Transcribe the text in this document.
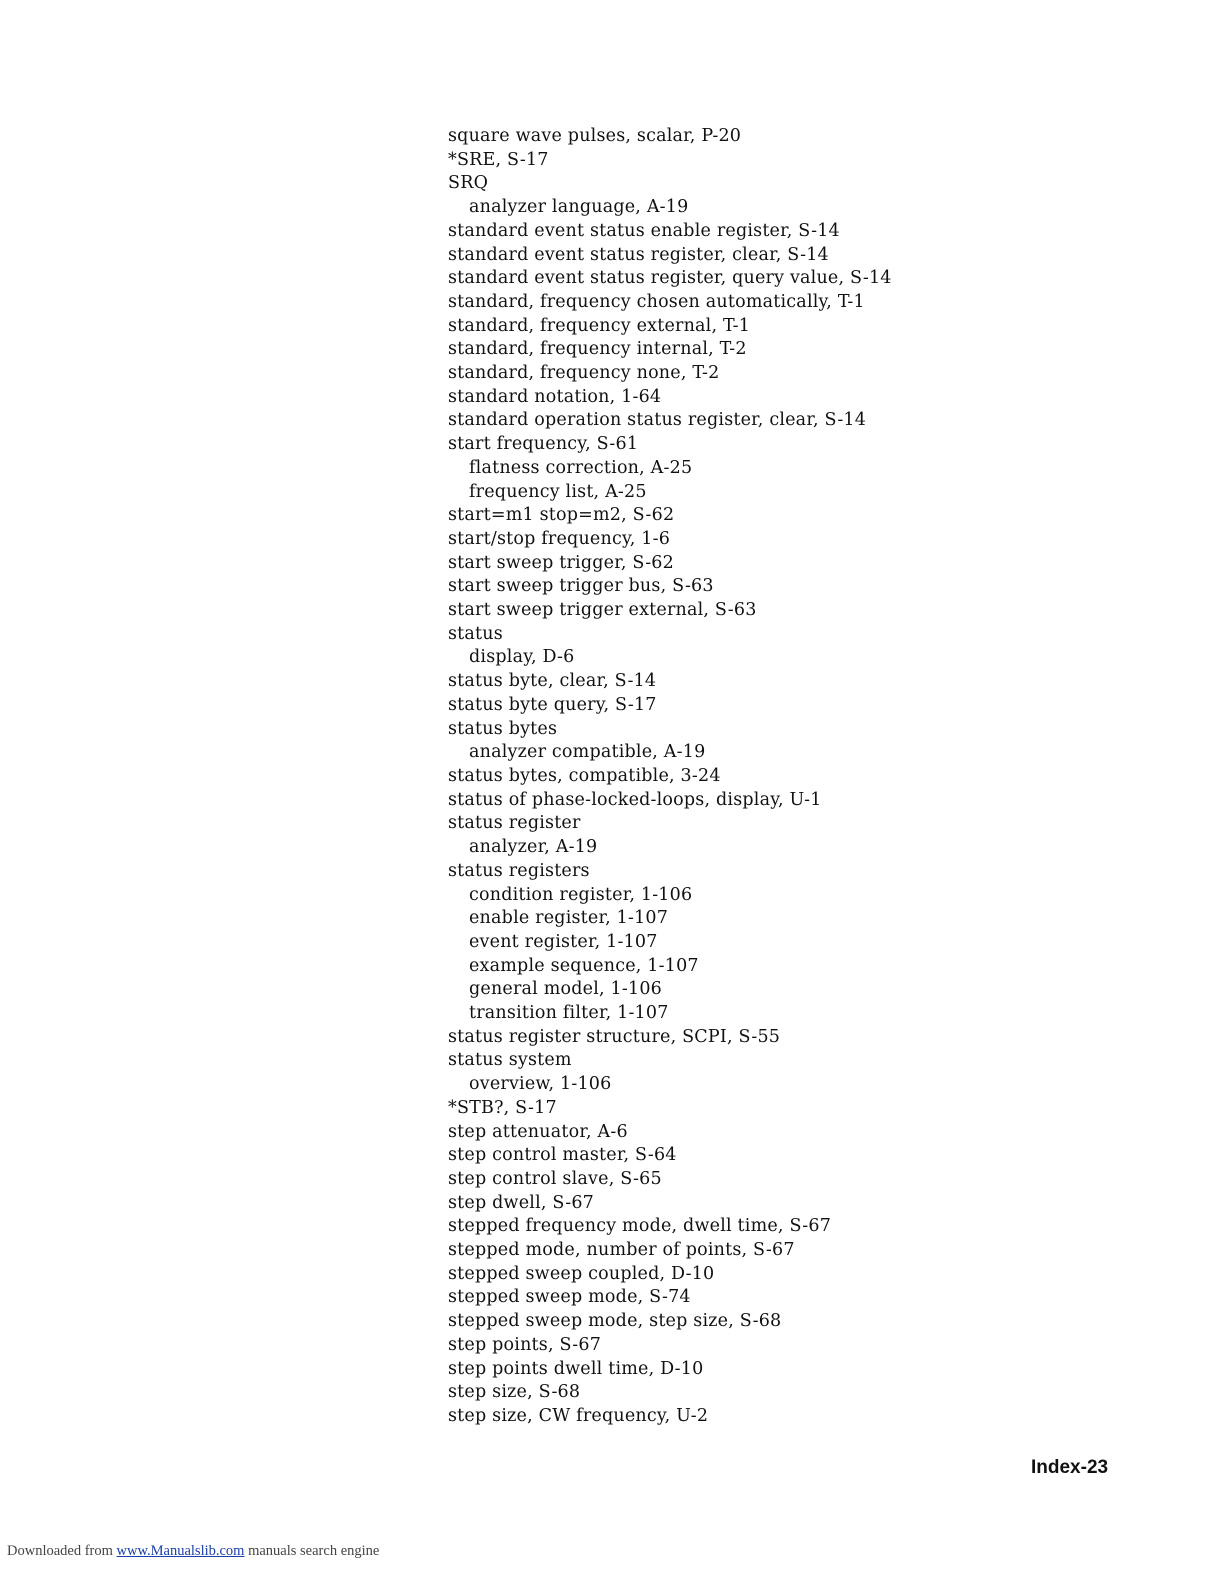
square wave pulses, scalar, P-20
*SRE, S-17
SRQ
analyzer language, A-19
standard event status enable register, S-14
standard event status register, clear, S-14
standard event status register, query value, S-14
standard, frequency chosen automatically, T-1
standard, frequency external, T-1
standard, frequency internal, T-2
standard, frequency none, T-2
standard notation, 1-64
standard operation status register, clear, S-14
start frequency, S-61
flatness correction, A-25
frequency list, A-25
start=m1 stop=m2, S-62
start/stop frequency, 1-6
start sweep trigger, S-62
start sweep trigger bus, S-63
start sweep trigger external, S-63
status
display, D-6
status byte, clear, S-14
status byte query, S-17
status bytes
analyzer compatible, A-19
status bytes, compatible, 3-24
status of phase-locked-loops, display, U-1
status register
analyzer, A-19
status registers
condition register, 1-106
enable register, 1-107
event register, 1-107
example sequence, 1-107
general model, 1-106
transition filter, 1-107
status register structure, SCPI, S-55
status system
overview, 1-106
*STB?, S-17
step attenuator, A-6
step control master, S-64
step control slave, S-65
step dwell, S-67
stepped frequency mode, dwell time, S-67
stepped mode, number of points, S-67
stepped sweep coupled, D-10
stepped sweep mode, S-74
stepped sweep mode, step size, S-68
step points, S-67
step points dwell time, D-10
step size, S-68
step size, CW frequency, U-2
Index-23
Downloaded from www.Manualslib.com manuals search engine
